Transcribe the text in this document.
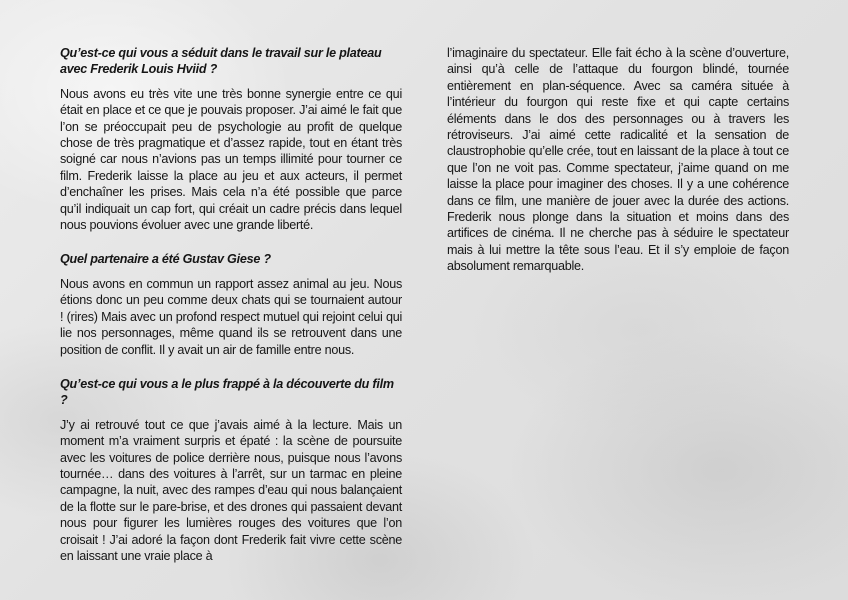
Qu’est-ce qui vous a séduit dans le travail sur le plateau avec Frederik Louis Hviid ?

Nous avons eu très vite une très bonne synergie entre ce qui était en place et ce que je pouvais proposer. J’ai aimé le fait que l’on se préoccupait peu de psychologie au profit de quelque chose de très pragmatique et d’assez rapide, tout en étant très soigné car nous n’avions pas un temps illimité pour tourner ce film. Frederik laisse la place au jeu et aux acteurs, il permet d’enchaîner les prises. Mais cela n’a été possible que parce qu’il indiquait un cap fort, qui créait un cadre précis dans lequel nous pouvions évoluer avec une grande liberté.

Quel partenaire a été Gustav Giese ?

Nous avons en commun un rapport assez animal au jeu. Nous étions donc un peu comme deux chats qui se tournaient autour ! (rires) Mais avec un profond respect mutuel qui rejoint celui qui lie nos personnages, même quand ils se retrouvent dans une position de conflit. Il y avait un air de famille entre nous.

Qu’est-ce qui vous a le plus frappé à la découverte du film ?

J’y ai retrouvé tout ce que j’avais aimé à la lecture. Mais un moment m’a vraiment surpris et épaté : la scène de poursuite avec les voitures de police derrière nous, puisque nous l’avons tournée… dans des voitures à l’arrêt, sur un tarmac en pleine campagne, la nuit, avec des rampes d’eau qui nous balançaient de la flotte sur le pare-brise, et des drones qui passaient devant nous pour figurer les lumières rouges des voitures que l’on croisait ! J’ai adoré la façon dont Frederik fait vivre cette scène en laissant une vraie place à

l’imaginaire du spectateur. Elle fait écho à la scène d’ouverture, ainsi qu’à celle de l’attaque du fourgon blindé, tournée entièrement en plan-séquence. Avec sa caméra située à l’intérieur du fourgon qui reste fixe et qui capte certains éléments dans le dos des personnages ou à travers les rétroviseurs. J’ai aimé cette radicalité et la sensation de claustrophobie qu’elle crée, tout en laissant de la place à tout ce que l’on ne voit pas. Comme spectateur, j’aime quand on me laisse la place pour imaginer des choses. Il y a une cohérence dans ce film, une manière de jouer avec la durée des actions. Frederik nous plonge dans la situation et moins dans des artifices de cinéma. Il ne cherche pas à séduire le spectateur mais à lui mettre la tête sous l’eau. Et il s’y emploie de façon absolument remarquable.
